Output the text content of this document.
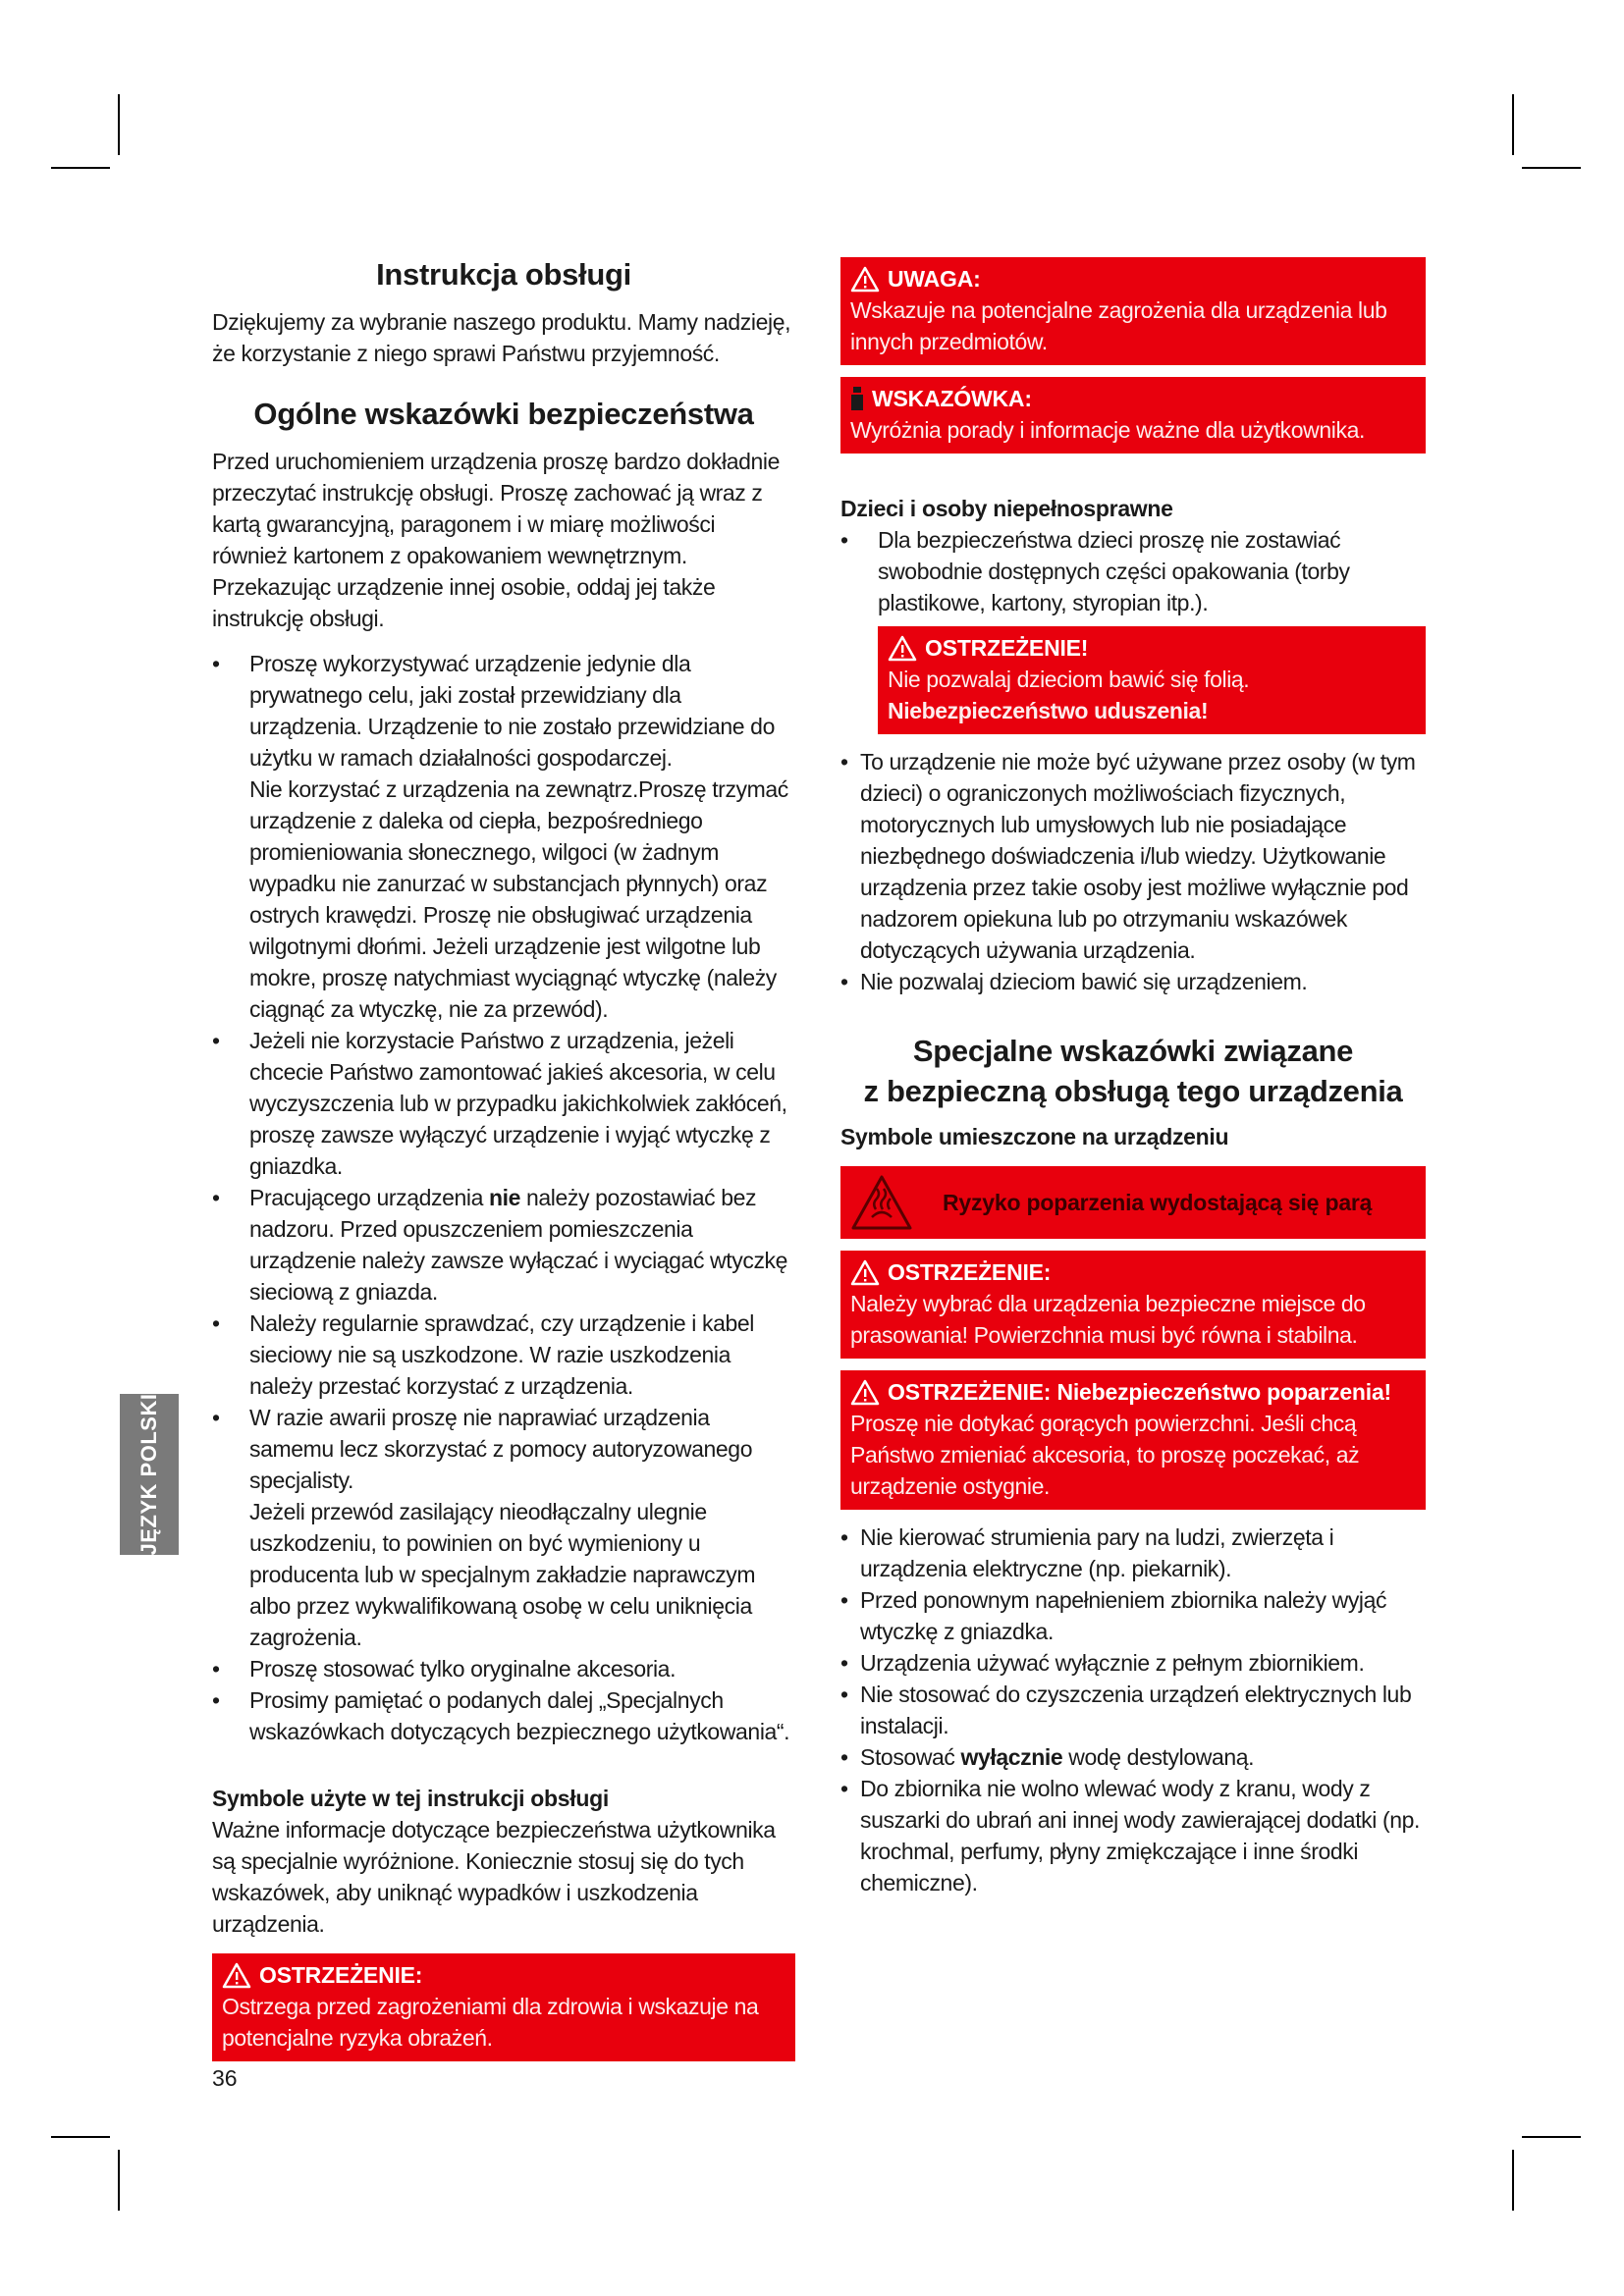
JĘZYK POLSKI
Instrukcja obsługi

Dziękujemy za wybranie naszego produktu. Mamy nadzieję, że korzystanie z niego sprawi Państwu przyjemność.

Ogólne wskazówki bezpieczeństwa

Przed uruchomieniem urządzenia proszę bardzo dokładnie przeczytać instrukcję obsługi. Proszę zachować ją wraz z kartą gwarancyjną, paragonem i w miarę możliwości również kartonem z opakowaniem wewnętrznym. Przekazując urządzenie innej osobie, oddaj jej także instrukcję obsługi.

• Proszę wykorzystywać urządzenie jedynie dla prywatnego celu, jaki został przewidziany dla urządzenia. Urządzenie to nie zostało przewidziane do użytku w ramach działalności gospodarczej.
Nie korzystać z urządzenia na zewnątrz.Proszę trzymać urządzenie z daleka od ciepła, bezpośredniego promieniowania słonecznego, wilgoci (w żadnym wypadku nie zanurzać w substancjach płynnych) oraz ostrych krawędzi. Proszę nie obsługiwać urządzenia wilgotnymi dłońmi. Jeżeli urządzenie jest wilgotne lub mokre, proszę natychmiast wyciągnąć wtyczkę (należy ciągnąć za wtyczkę, nie za przewód).
• Jeżeli nie korzystacie Państwo z urządzenia, jeżeli chcecie Państwo zamontować jakieś akcesoria, w celu wyczyszczenia lub w przypadku jakichkolwiek zakłóceń, proszę zawsze wyłączyć urządzenie i wyjąć wtyczkę z gniazdka.
• Pracującego urządzenia nie należy pozostawiać bez nadzoru. Przed opuszczeniem pomieszczenia urządzenie należy zawsze wyłączać i wyciągać wtyczkę sieciową z gniazda.
• Należy regularnie sprawdzać, czy urządzenie i kabel sieciowy nie są uszkodzone. W razie uszkodzenia należy przestać korzystać z urządzenia.
• W razie awarii proszę nie naprawiać urządzenia samemu lecz skorzystać z pomocy autoryzowanego specjalisty.
Jeżeli przewód zasilający nieodłączalny ulegnie uszkodzeniu, to powinien on być wymieniony u producenta lub w specjalnym zakładzie naprawczym albo przez wykwalifikowaną osobę w celu uniknięcia zagrożenia.
• Proszę stosować tylko oryginalne akcesoria.
• Prosimy pamiętać o podanych dalej „Specjalnych wskazówkach dotyczących bezpiecznego użytkowania“.
Symbole użyte w tej instrukcji obsługi

Ważne informacje dotyczące bezpieczeństwa użytkownika są specjalnie wyróżnione. Koniecznie stosuj się do tych wskazówek, aby uniknąć wypadków i uszkodzenia urządzenia.

OSTRZEŻENIE:
Ostrzega przed zagrożeniami dla zdrowia i wskazuje na potencjalne ryzyka obrażeń.
UWAGA:
Wskazuje na potencjalne zagrożenia dla urządzenia lub innych przedmiotów.
WSKAZÓWKA:
Wyróżnia porady i informacje ważne dla użytkownika.
Dzieci i osoby niepełnosprawne
• Dla bezpieczeństwa dzieci proszę nie zostawiać swobodnie dostępnych części opakowania (torby plastikowe, kartony, styropian itp.).
OSTRZEŻENIE!
Nie pozwalaj dzieciom bawić się folią. Niebezpieczeństwo uduszenia!
• To urządzenie nie może być używane przez osoby (w tym dzieci) o ograniczonych możliwościach fizycznych, motorycznych lub umysłowych lub nie posiadające niezbędnego doświadczenia i/lub wiedzy. Użytkowanie urządzenia przez takie osoby jest możliwe wyłącznie pod nadzorem opiekuna lub po otrzymaniu wskazówek dotyczących używania urządzenia.
• Nie pozwalaj dzieciom bawić się urządzeniem.
Specjalne wskazówki związane
z bezpieczną obsługą tego urządzenia
Symbole umieszczone na urządzeniu
Ryzyko poparzenia wydostającą się parą
OSTRZEŻENIE:
Należy wybrać dla urządzenia bezpieczne miejsce do prasowania! Powierzchnia musi być równa i stabilna.
OSTRZEŻENIE: Niebezpieczeństwo poparzenia!
Proszę nie dotykać gorących powierzchni. Jeśli chcą Państwo zmieniać akcesoria, to proszę poczekać, aż urządzenie ostygnie.
• Nie kierować strumienia pary na ludzi, zwierzęta i urządzenia elektryczne (np. piekarnik).
• Przed ponownym napełnieniem zbiornika należy wyjąć wtyczkę z gniazdka.
• Urządzenia używać wyłącznie z pełnym zbiornikiem.
• Nie stosować do czyszczenia urządzeń elektrycznych lub instalacji.
• Stosować wyłącznie wodę destylowaną.
• Do zbiornika nie wolno wlewać wody z kranu, wody z suszarki do ubrań ani innej wody zawierającej dodatki (np. krochmal, perfumy, płyny zmiękczające i inne środki chemiczne).
36
